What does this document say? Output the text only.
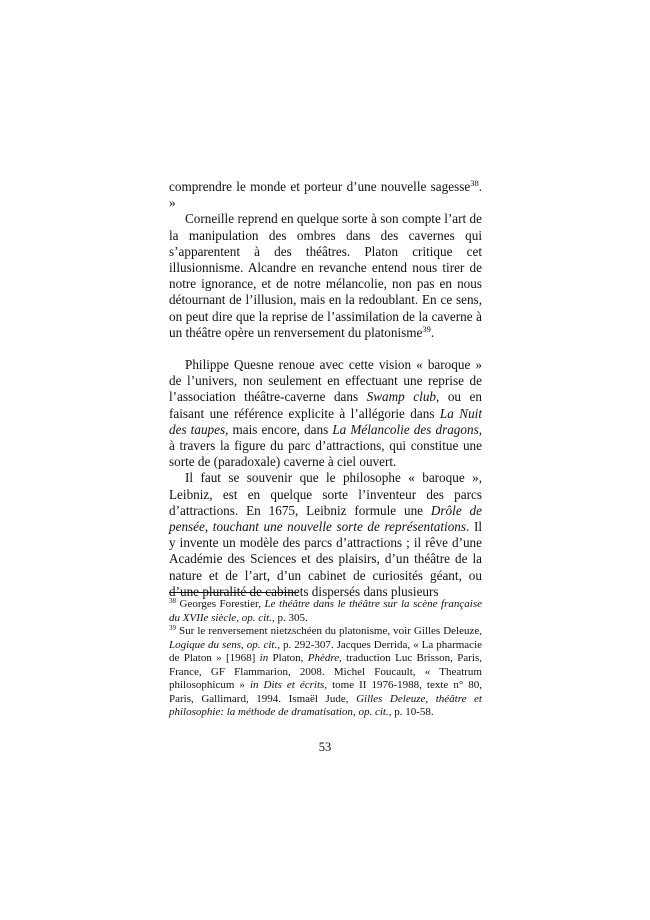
comprendre le monde et porteur d’une nouvelle sagesse$^{38}$. »

Corneille reprend en quelque sorte à son compte l’art de la manipulation des ombres dans des cavernes qui s’apparentent à des théâtres. Platon critique cet illusionnisme. Alcandre en revanche entend nous tirer de notre ignorance, et de notre mélancolie, non pas en nous détournant de l’illusion, mais en la redoublant. En ce sens, on peut dire que la reprise de l’assimilation de la caverne à un théâtre opère un renversement du platonisme$^{39}$.

Philippe Quesne renoue avec cette vision « baroque » de l’univers, non seulement en effectuant une reprise de l’association théâtre-caverne dans Swamp club, ou en faisant une référence explicite à l’allégorie dans La Nuit des taupes, mais encore, dans La Mélancolie des dragons, à travers la figure du parc d’attractions, qui constitue une sorte de (paradoxale) caverne à ciel ouvert.

Il faut se souvenir que le philosophe « baroque », Leibniz, est en quelque sorte l’inventeur des parcs d’attractions. En 1675, Leibniz formule une Drôle de pensée, touchant une nouvelle sorte de représentations. Il y invente un modèle des parcs d’attractions ; il rêve d’une Académie des Sciences et des plaisirs, d’un théâtre de la nature et de l’art, d’un cabinet de curiosités géant, ou d’une pluralité de cabinets dispersés dans plusieurs

$^{38}$ Georges Forestier, Le théâtre dans le théâtre sur la scène française du XVIIe siècle, op. cit., p. 305.

$^{39}$ Sur le renversement nietzschéen du platonisme, voir Gilles Deleuze, Logique du sens, op. cit., p. 292-307. Jacques Derrida, « La pharmacie de Platon » [1968] in Platon, Phèdre, traduction Luc Brisson, Paris, France, GF Flammarion, 2008. Michel Foucault, « Theatrum philosophicum » in Dits et écrits, tome II 1976-1988, texte n° 80, Paris, Gallimard, 1994. Ismaël Jude, Gilles Deleuze, théâtre et philosophie: la méthode de dramatisation, op. cit., p. 10-58.

53
